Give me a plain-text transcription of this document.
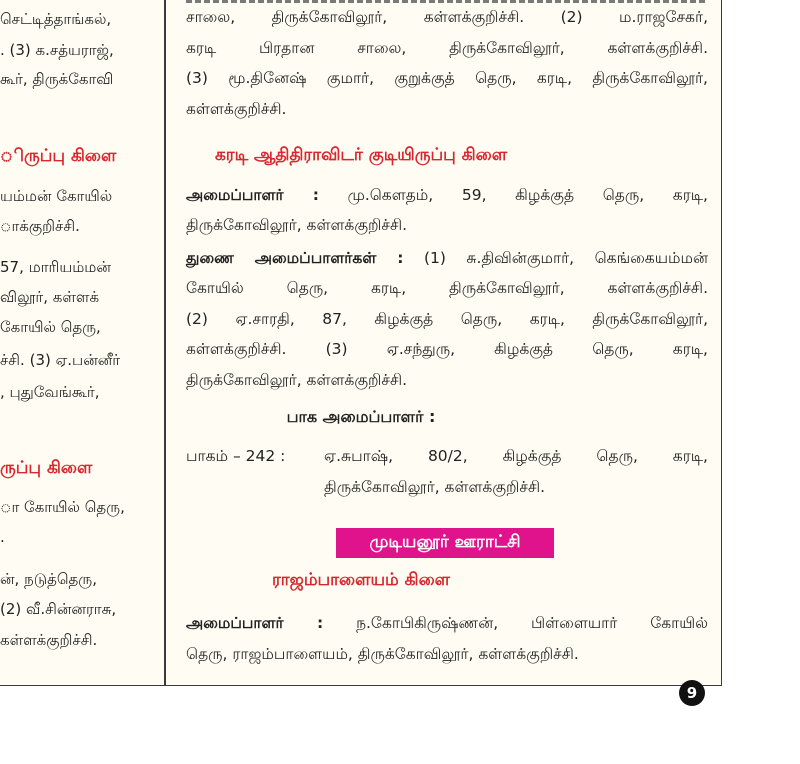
செட்டித்தாங்கல்,
. (3) க.சத்யராஜ்,
கூர், திருக்கோவி
ிருப்பு கிளை
யம்மன் கோயில்
ாக்குறிச்சி.
57, மாரியம்மன்
விலூர், கள்ளக்
கோயில் தெரு,
ச்சி. (3) ஏ.பன்னீர்
, புதுவேங்கூர்,
ருப்பு கிளை
ா கோயில் தெரு,
.
ன், நடுத்தெரு,
(2) வீ.சின்னராசு,
கள்ளக்குறிச்சி.
சாலை, திருக்கோவிலூர், கள்ளக்குறிச்சி. (2) ம.ராஜசேகர்,
கரடி பிரதான சாலை, திருக்கோவிலூர், கள்ளக்குறிச்சி.
(3) மூ.தினேஷ் குமார், குறுக்குத் தெரு, கரடி, திருக்கோவிலூர்,
கள்ளக்குறிச்சி.
கரடி ஆதிதிராவிடர் குடியிருப்பு கிளை
அமைப்பாளர் : மு.கௌதம், 59, கிழக்குத் தெரு, கரடி,
திருக்கோவிலூர், கள்ளக்குறிச்சி.
துணை அமைப்பாளர்கள் : (1) சு.திவின்குமார், கெங்கையம்மன்
கோயில் தெரு, கரடி, திருக்கோவிலூர், கள்ளக்குறிச்சி.
(2) ஏ.சாரதி, 87, கிழக்குத் தெரு, கரடி, திருக்கோவிலூர்,
கள்ளக்குறிச்சி. (3) ஏ.சந்துரு, கிழக்குத் தெரு, கரடி,
திருக்கோவிலூர், கள்ளக்குறிச்சி.
பாக அமைப்பாளர் :
பாகம் – 242 : ஏ.சுபாஷ், 80/2, கிழக்குத் தெரு, கரடி,
திருக்கோவிலூர், கள்ளக்குறிச்சி.
முடியனூர் ஊராட்சி
ராஜம்பாளையம் கிளை
அமைப்பாளர் : ந.கோபிகிருஷ்ணன், பிள்ளையார் கோயில்
தெரு, ராஜம்பாளையம், திருக்கோவிலூர், கள்ளக்குறிச்சி.
9
